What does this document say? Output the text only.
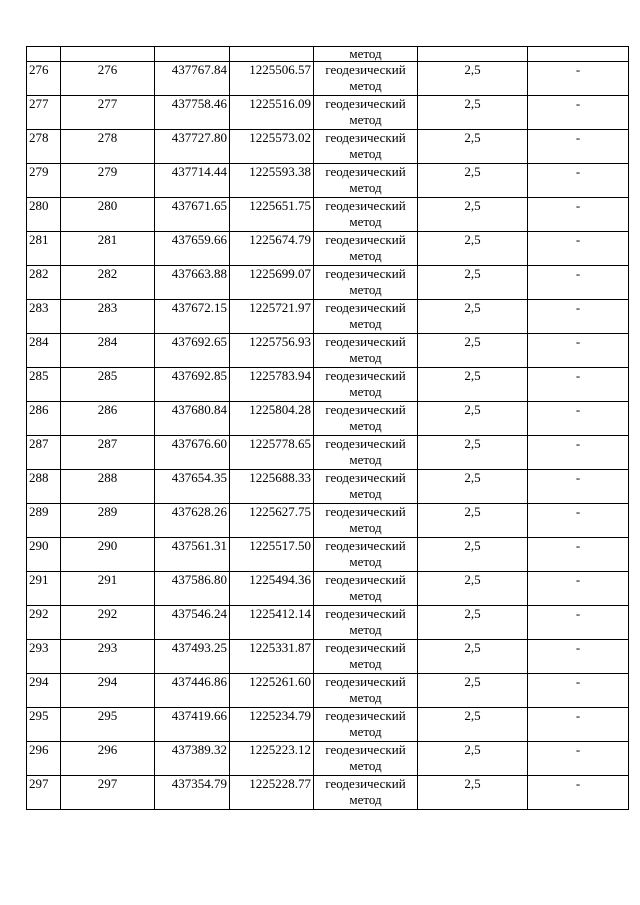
				метод		
276	276	437767.84	1225506.57	геодезический метод	2,5	-
277	277	437758.46	1225516.09	геодезический метод	2,5	-
278	278	437727.80	1225573.02	геодезический метод	2,5	-
279	279	437714.44	1225593.38	геодезический метод	2,5	-
280	280	437671.65	1225651.75	геодезический метод	2,5	-
281	281	437659.66	1225674.79	геодезический метод	2,5	-
282	282	437663.88	1225699.07	геодезический метод	2,5	-
283	283	437672.15	1225721.97	геодезический метод	2,5	-
284	284	437692.65	1225756.93	геодезический метод	2,5	-
285	285	437692.85	1225783.94	геодезический метод	2,5	-
286	286	437680.84	1225804.28	геодезический метод	2,5	-
287	287	437676.60	1225778.65	геодезический метод	2,5	-
288	288	437654.35	1225688.33	геодезический метод	2,5	-
289	289	437628.26	1225627.75	геодезический метод	2,5	-
290	290	437561.31	1225517.50	геодезический метод	2,5	-
291	291	437586.80	1225494.36	геодезический метод	2,5	-
292	292	437546.24	1225412.14	геодезический метод	2,5	-
293	293	437493.25	1225331.87	геодезический метод	2,5	-
294	294	437446.86	1225261.60	геодезический метод	2,5	-
295	295	437419.66	1225234.79	геодезический метод	2,5	-
296	296	437389.32	1225223.12	геодезический метод	2,5	-
297	297	437354.79	1225228.77	геодезический метод	2,5	-
